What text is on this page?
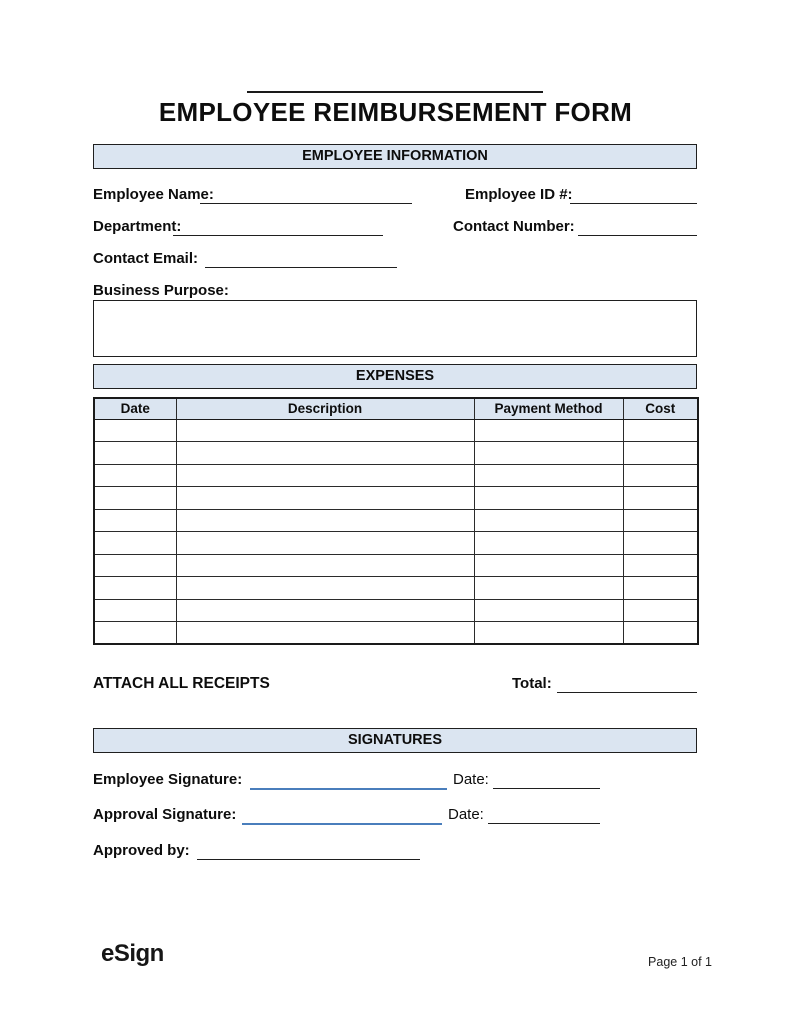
EMPLOYEE REIMBURSEMENT FORM
EMPLOYEE INFORMATION
Employee Name:	Employee ID #:
Department:	Contact Number:
Contact Email:
Business Purpose:
EXPENSES
Date	Description	Payment Method	Cost

ATTACH ALL RECEIPTS	Total:
SIGNATURES
Employee Signature:	Date:
Approval Signature:	Date:
Approved by:
eSign	Page 1 of 1
